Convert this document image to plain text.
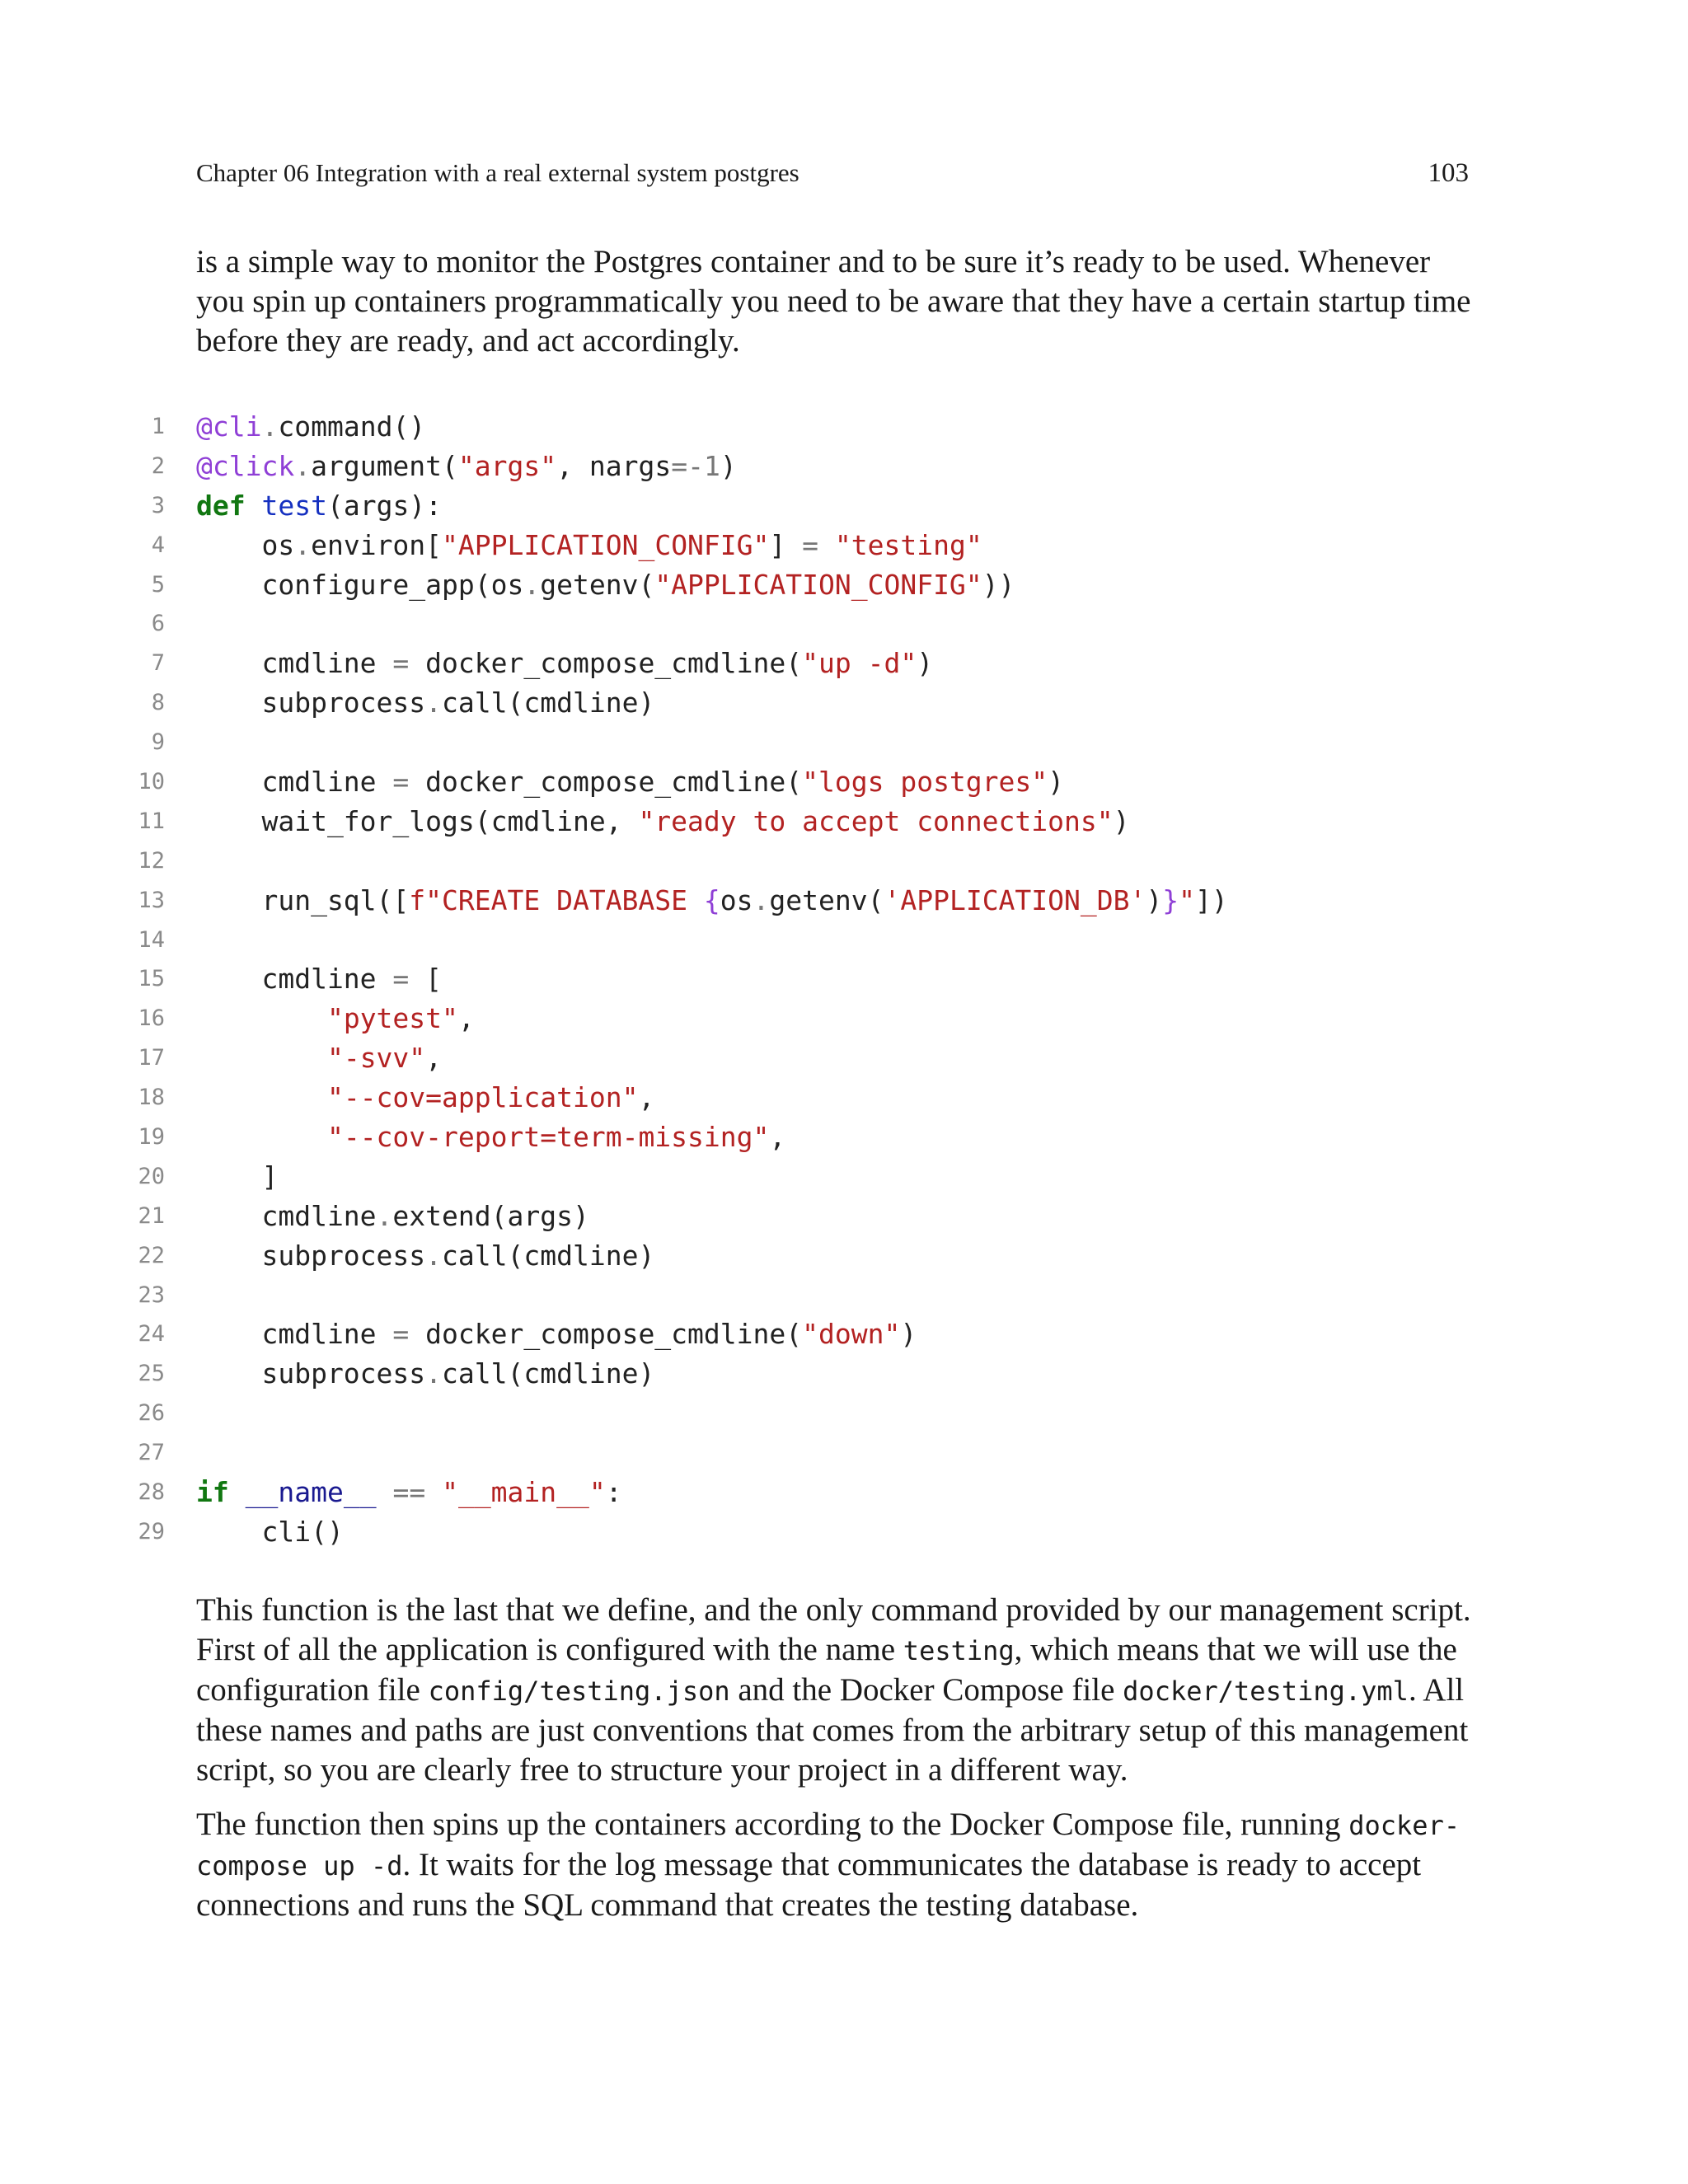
Chapter 06 Integration with a real external system postgres	103

is a simple way to monitor the Postgres container and to be sure it’s ready to be used. Whenever you spin up containers programmatically you need to be aware that they have a certain startup time before they are ready, and act accordingly.

1 @cli.command()
2 @click.argument("args", nargs=-1)
3 def test(args):
4 os.environ["APPLICATION_CONFIG"] = "testing"
5 configure_app(os.getenv("APPLICATION_CONFIG"))
6
7 cmdline = docker_compose_cmdline("up -d")
8 subprocess.call(cmdline)
9
10 cmdline = docker_compose_cmdline("logs postgres")
11 wait_for_logs(cmdline, "ready to accept connections")
12
13 run_sql([f"CREATE DATABASE {os.getenv('APPLICATION_DB')}"])
14
15 cmdline = [
16	"pytest",
17	"-svv",
18	"--cov=application",
19	"--cov-report=term-missing",
20 ]
21 cmdline.extend(args)
22 subprocess.call(cmdline)
23
24 cmdline = docker_compose_cmdline("down")
25 subprocess.call(cmdline)
26
27
28 if __name__ == "__main__":
29 cli()

This function is the last that we define, and the only command provided by our management script. First of all the application is configured with the name testing, which means that we will use the configuration file config/testing.json and the Docker Compose file docker/testing.yml. All these names and paths are just conventions that comes from the arbitrary setup of this management script, so you are clearly free to structure your project in a different way.

The function then spins up the containers according to the Docker Compose file, running docker-compose up -d. It waits for the log message that communicates the database is ready to accept connections and runs the SQL command that creates the testing database.
